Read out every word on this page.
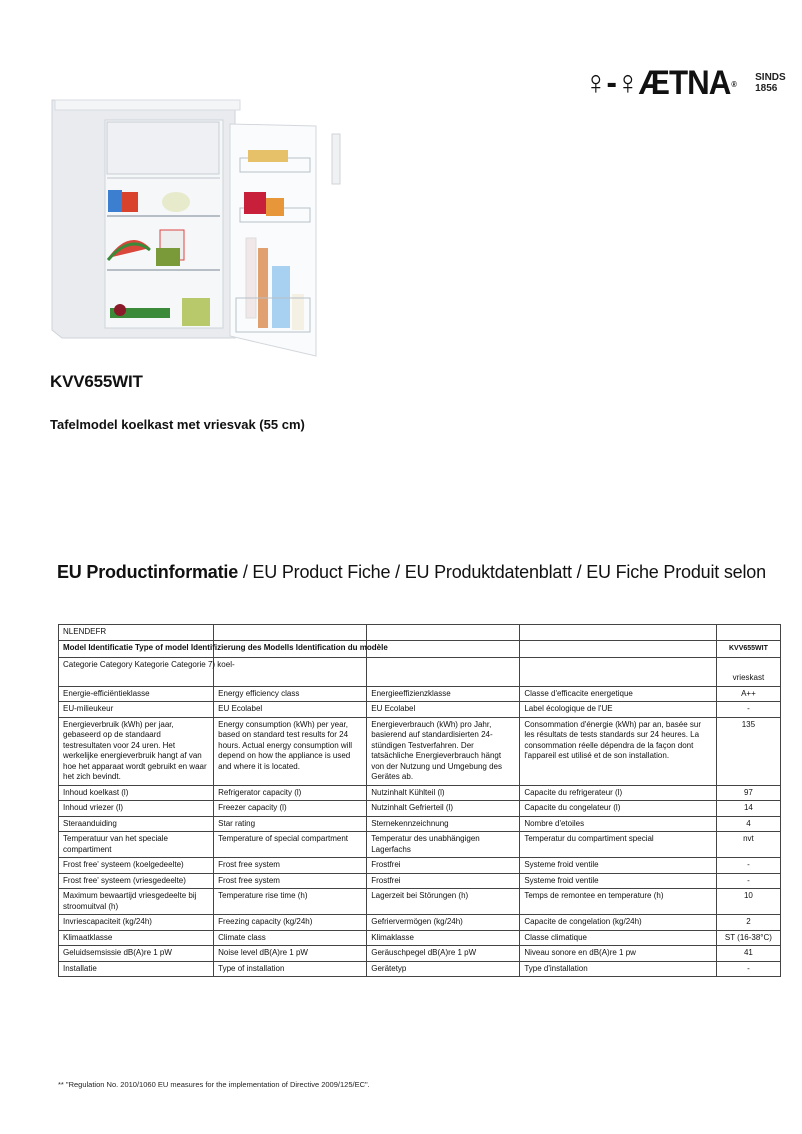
♀-♀ÆTNA®
SINDS
1856
KVV655WIT
Tafelmodel koelkast met vriesvak (55 cm)
EU Productinformatie / EU Product Fiche / EU Produktdatenblatt / EU Fiche Produit selon
NLENDEFR				
Model Identificatie Type of model Identifizierung des Modells Identification du modèle				KVV655WIT
Categorie Category Kategorie Categorie 7) koel-				vrieskast
Energie-efficiëntieklasse	Energy efficiency class	Energieeffizienzklasse	Classe d'efficacite energetique	A++
EU-milieukeur	EU Ecolabel	EU Ecolabel	Label écologique de l'UE	-
Energieverbruik (kWh) per jaar, gebaseerd op de standaard testresultaten voor 24 uren. Het werkelijke energieverbruik hangt af van hoe het apparaat wordt gebruikt en waar het zich bevindt.	Energy consumption (kWh) per year, based on standard test results for 24 hours. Actual energy consumption will depend on how the appliance is used and where it is located.	Energieverbrauch (kWh) pro Jahr, basierend auf standardisierten 24-stündigen Testverfahren. Der tatsächliche Energieverbrauch hängt von der Nutzung und Umgebung des Gerätes ab.	Consommation d'énergie (kWh) par an, basée sur les résultats de tests standards sur 24 heures. La consommation réelle dépendra de la façon dont l'appareil est utilisé et de son installation.	135
Inhoud koelkast (l)	Refrigerator capacity (l)	Nutzinhalt Kühlteil (l)	Capacite du refrigerateur (l)	97
Inhoud vriezer (l)	Freezer capacity (l)	Nutzinhalt Gefrierteil (l)	Capacite du congelateur (l)	14
Steraanduiding	Star rating	Sternekennzeichnung	Nombre d'etoiles	4
Temperatuur van het speciale compartiment	Temperature of special compartment	Temperatur des unabhängigen Lagerfachs	Temperatur du compartiment special	nvt
Frost free' systeem (koelgedeelte)	Frost free system	Frostfrei	Systeme froid ventile	-
Frost free' systeem (vriesgedeelte)	Frost free system	Frostfrei	Systeme froid ventile	-
Maximum bewaartijd vriesgedeelte bij stroomuitval (h)	Temperature rise time (h)	Lagerzeit bei Störungen (h)	Temps de remontee en temperature (h)	10
Invriescapaciteit (kg/24h)	Freezing capacity (kg/24h)	Gefriervermögen (kg/24h)	Capacite de congelation (kg/24h)	2
Klimaatklasse	Climate class	Klimaklasse	Classe climatique	ST (16-38°C)
Geluidsemsissie dB(A)re 1 pW	Noise level dB(A)re 1 pW	Geräuschpegel dB(A)re 1 pW	Niveau sonore en dB(A)re 1 pw	41
Installatie	Type of installation	Gerätetyp	Type d'installation	-
** "Regulation No. 2010/1060 EU measures for the implementation of Directive 2009/125/EC".
